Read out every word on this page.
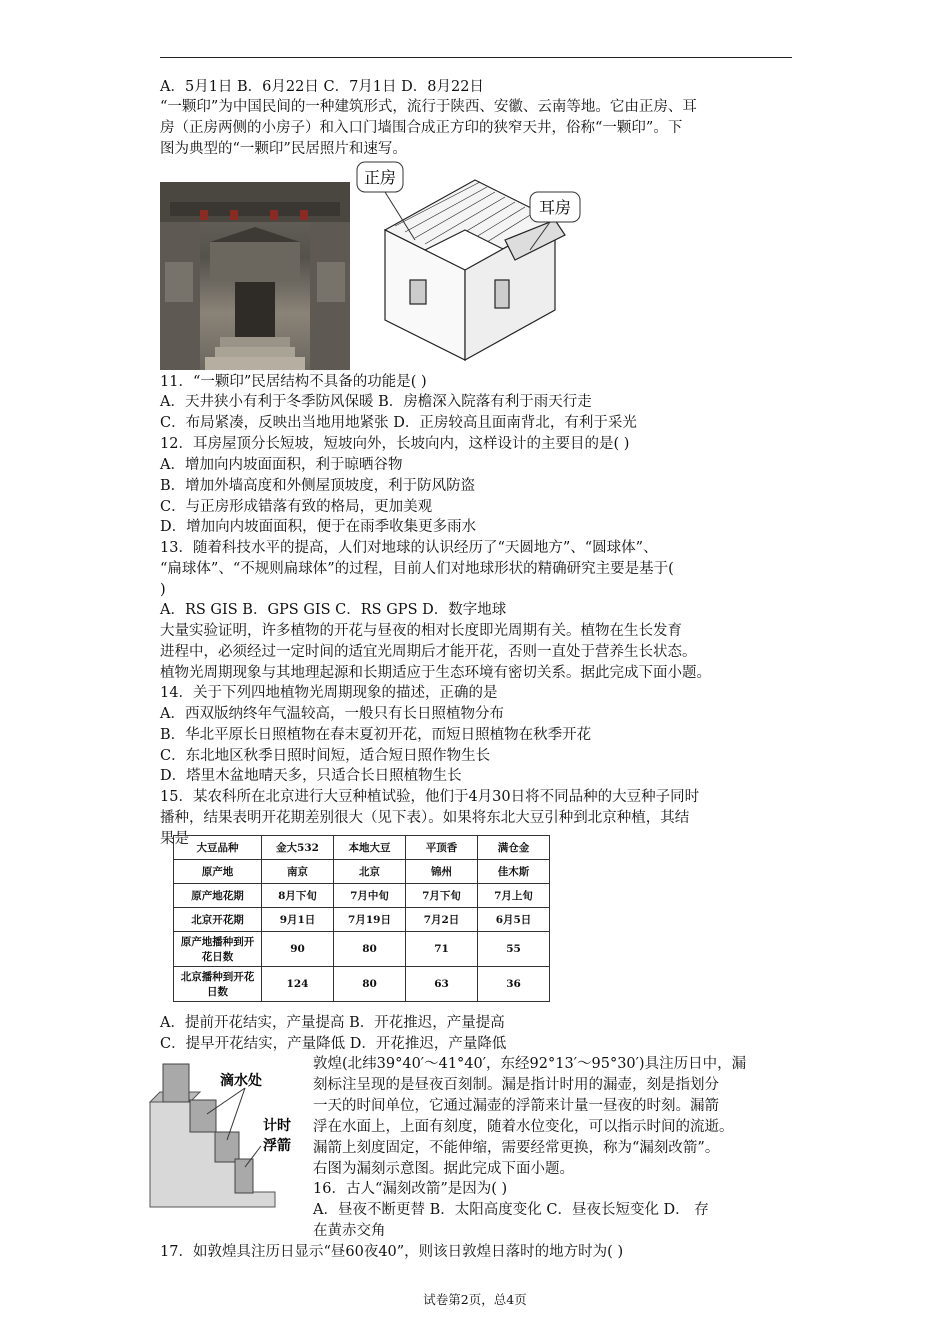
A．5月1日 B．6月22日 C．7月1日 D．8月22日
“一颗印”为中国民间的一种建筑形式，流行于陕西、安徽、云南等地。它由正房、耳
房（正房两侧的小房子）和入口门墙围合成正方印的狭窄天井，俗称“一颗印”。下
图为典型的“一颗印”民居照片和速写。
正房
耳房
11．“一颗印”民居结构不具备的功能是( )
A．天井狭小有利于冬季防风保暖 B．房檐深入院落有利于雨天行走
C．布局紧凑，反映出当地用地紧张 D．正房较高且面南背北，有利于采光
12．耳房屋顶分长短坡，短坡向外，长坡向内，这样设计的主要目的是( )
A．增加向内坡面面积，利于晾晒谷物
B．增加外墙高度和外侧屋顶坡度，利于防风防盗
C．与正房形成错落有致的格局，更加美观
D．增加向内坡面面积，便于在雨季收集更多雨水
13．随着科技水平的提高，人们对地球的认识经历了“天圆地方”、“圆球体”、
“扁球体”、“不规则扁球体”的过程，目前人们对地球形状的精确研究主要是基于(
)
A．RS GIS B．GPS GIS C．RS GPS D．数字地球
大量实验证明，许多植物的开花与昼夜的相对长度即光周期有关。植物在生长发育
进程中，必须经过一定时间的适宜光周期后才能开花，否则一直处于营养生长状态。
植物光周期现象与其地理起源和长期适应于生态环境有密切关系。据此完成下面小题。
14．关于下列四地植物光周期现象的描述，正确的是
A．西双版纳终年气温较高，一般只有长日照植物分布
B．华北平原长日照植物在春末夏初开花，而短日照植物在秋季开花
C．东北地区秋季日照时间短，适合短日照作物生长
D．塔里木盆地晴天多，只适合长日照植物生长
15．某农科所在北京进行大豆种植试验，他们于4月30日将不同品种的大豆种子同时
播种，结果表明开花期差别很大（见下表）。如果将东北大豆引种到北京种植，其结
果是
大豆品种	金大532	本地大豆	平顶香	满仓金
原产地	南京	北京	锦州	佳木斯
原产地花期	8月下旬	7月中旬	7月下旬	7月上旬
北京开花期	9月1日	7月19日	7月2日	6月5日
原产地播种到开花日数	90	80	71	55
北京播种到开花日数	124	80	63	36
A．提前开花结实，产量提高 B．开花推迟，产量提高
C．提早开花结实，产量降低 D．开花推迟，产量降低
滴水处
计时
浮箭
敦煌(北纬39°40′～41°40′，东经92°13′～95°30′)具注历日中，漏
刻标注呈现的是昼夜百刻制。漏是指计时用的漏壶，刻是指划分
一天的时间单位，它通过漏壶的浮箭来计量一昼夜的时刻。漏箭
浮在水面上，上面有刻度，随着水位变化，可以指示时间的流逝。
漏箭上刻度固定，不能伸缩，需要经常更换，称为“漏刻改箭”。
右图为漏刻示意图。据此完成下面小题。
16．古人“漏刻改箭”是因为( )
A．昼夜不断更替 B．太阳高度变化 C．昼夜长短变化 D． 存
在黄赤交角
17．如敦煌具注历日显示“昼60夜40”，则该日敦煌日落时的地方时为( )
试卷第2页，总4页
